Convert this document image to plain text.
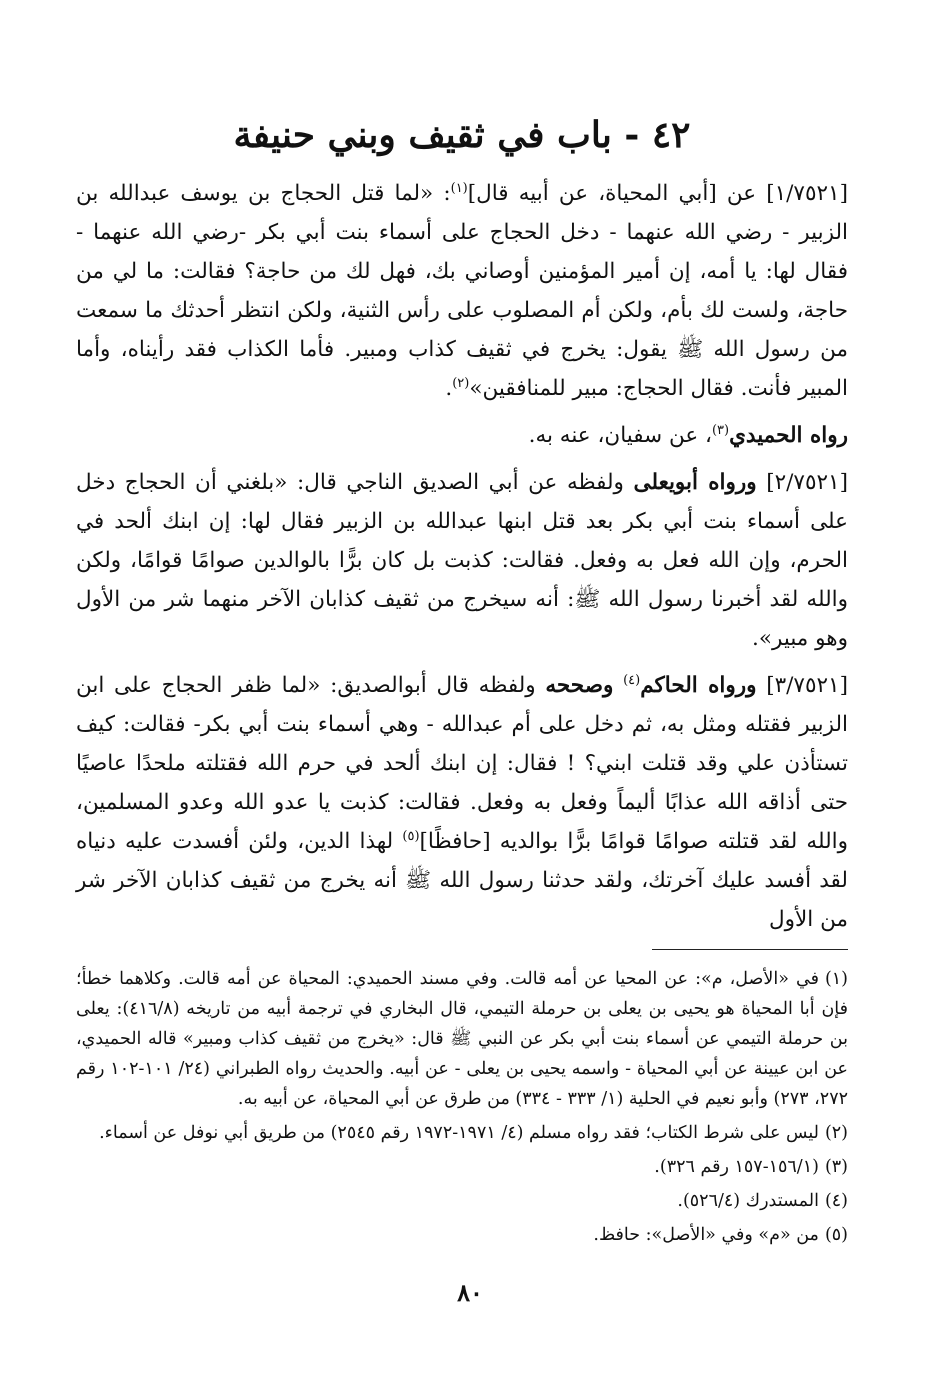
٤٢ - باب في ثقيف وبني حنيفة

[١/٧٥٢١] عن [أبي المحياة، عن أبيه قال]$^{(١)}$: «لما قتل الحجاج بن يوسف عبدالله بن الزبير - رضي الله عنهما - دخل الحجاج على أسماء بنت أبي بكر -رضي الله عنهما - فقال لها: يا أمه، إن أمير المؤمنين أوصاني بك، فهل لك من حاجة؟ فقالت: ما لي من حاجة، ولست لك بأم، ولكن أم المصلوب على رأس الثنية، ولكن انتظر أحدثك ما سمعت من رسول الله ﷺ يقول: يخرج في ثقيف كذاب ومبير. فأما الكذاب فقد رأيناه، وأما المبير فأنت. فقال الحجاج: مبير للمنافقين»$^{(٢)}$.

رواه الحميدي$^{(٣)}$، عن سفيان، عنه به.

[٢/٧٥٢١] ورواه أبويعلى ولفظه عن أبي الصديق الناجي قال: «بلغني أن الحجاج دخل على أسماء بنت أبي بكر بعد قتل ابنها عبدالله بن الزبير فقال لها: إن ابنك ألحد في الحرم، وإن الله فعل به وفعل. فقالت: كذبت بل كان برًّا بالوالدين صوامًا قوامًا، ولكن والله لقد أخبرنا رسول الله ﷺ: أنه سيخرج من ثقيف كذابان الآخر منهما شر من الأول وهو مبير».

[٣/٧٥٢١] ورواه الحاكم$^{(٤)}$ وصححه ولفظه قال أبوالصديق: «لما ظفر الحجاج على ابن الزبير فقتله ومثل به، ثم دخل على أم عبدالله - وهي أسماء بنت أبي بكر- فقالت: كيف تستأذن علي وقد قتلت ابني؟ ! فقال: إن ابنك ألحد في حرم الله فقتلته ملحدًا عاصيًا حتى أذاقه الله عذابًا أليماً وفعل به وفعل. فقالت: كذبت يا عدو الله وعدو المسلمين، والله لقد قتلته صوامًا قوامًا برًّا بوالديه [حافظًا]$^{(٥)}$ لهذا الدين، ولئن أفسدت عليه دنياه لقد أفسد عليك آخرتك، ولقد حدثنا رسول الله ﷺ أنه يخرج من ثقيف كذابان الآخر شر من الأول

(١)في «الأصل، م»: عن المحيا عن أمه قالت. وفي مسند الحميدي: المحياة عن أمه قالت. وكلاهما خطأ؛ فإن أبا المحياة هو يحيى بن يعلى بن حرملة التيمي، قال البخاري في ترجمة أبيه من تاريخه (٤١٦/٨): يعلى بن حرملة التيمي عن أسماء بنت أبي بكر عن النبي ﷺ قال: «يخرج من ثقيف كذاب ومبير» قاله الحميدي، عن ابن عيينة عن أبي المحياة - واسمه يحيى بن يعلى - عن أبيه. والحديث رواه الطبراني (٢٤/ ١٠١-١٠٢ رقم ٢٧٢، ٢٧٣) وأبو نعيم في الحلية (١/ ٣٣٣ - ٣٣٤) من طرق عن أبي المحياة، عن أبيه به.

(٢)ليس على شرط الكتاب؛ فقد رواه مسلم (٤/ ١٩٧١-١٩٧٢ رقم ٢٥٤٥) من طريق أبي نوفل عن أسماء.

(٣)(١٥٦/١-١٥٧ رقم ٣٢٦).

(٤)المستدرك (٥٢٦/٤).

(٥)من «م» وفي «الأصل»: حافظ.

٨٠
